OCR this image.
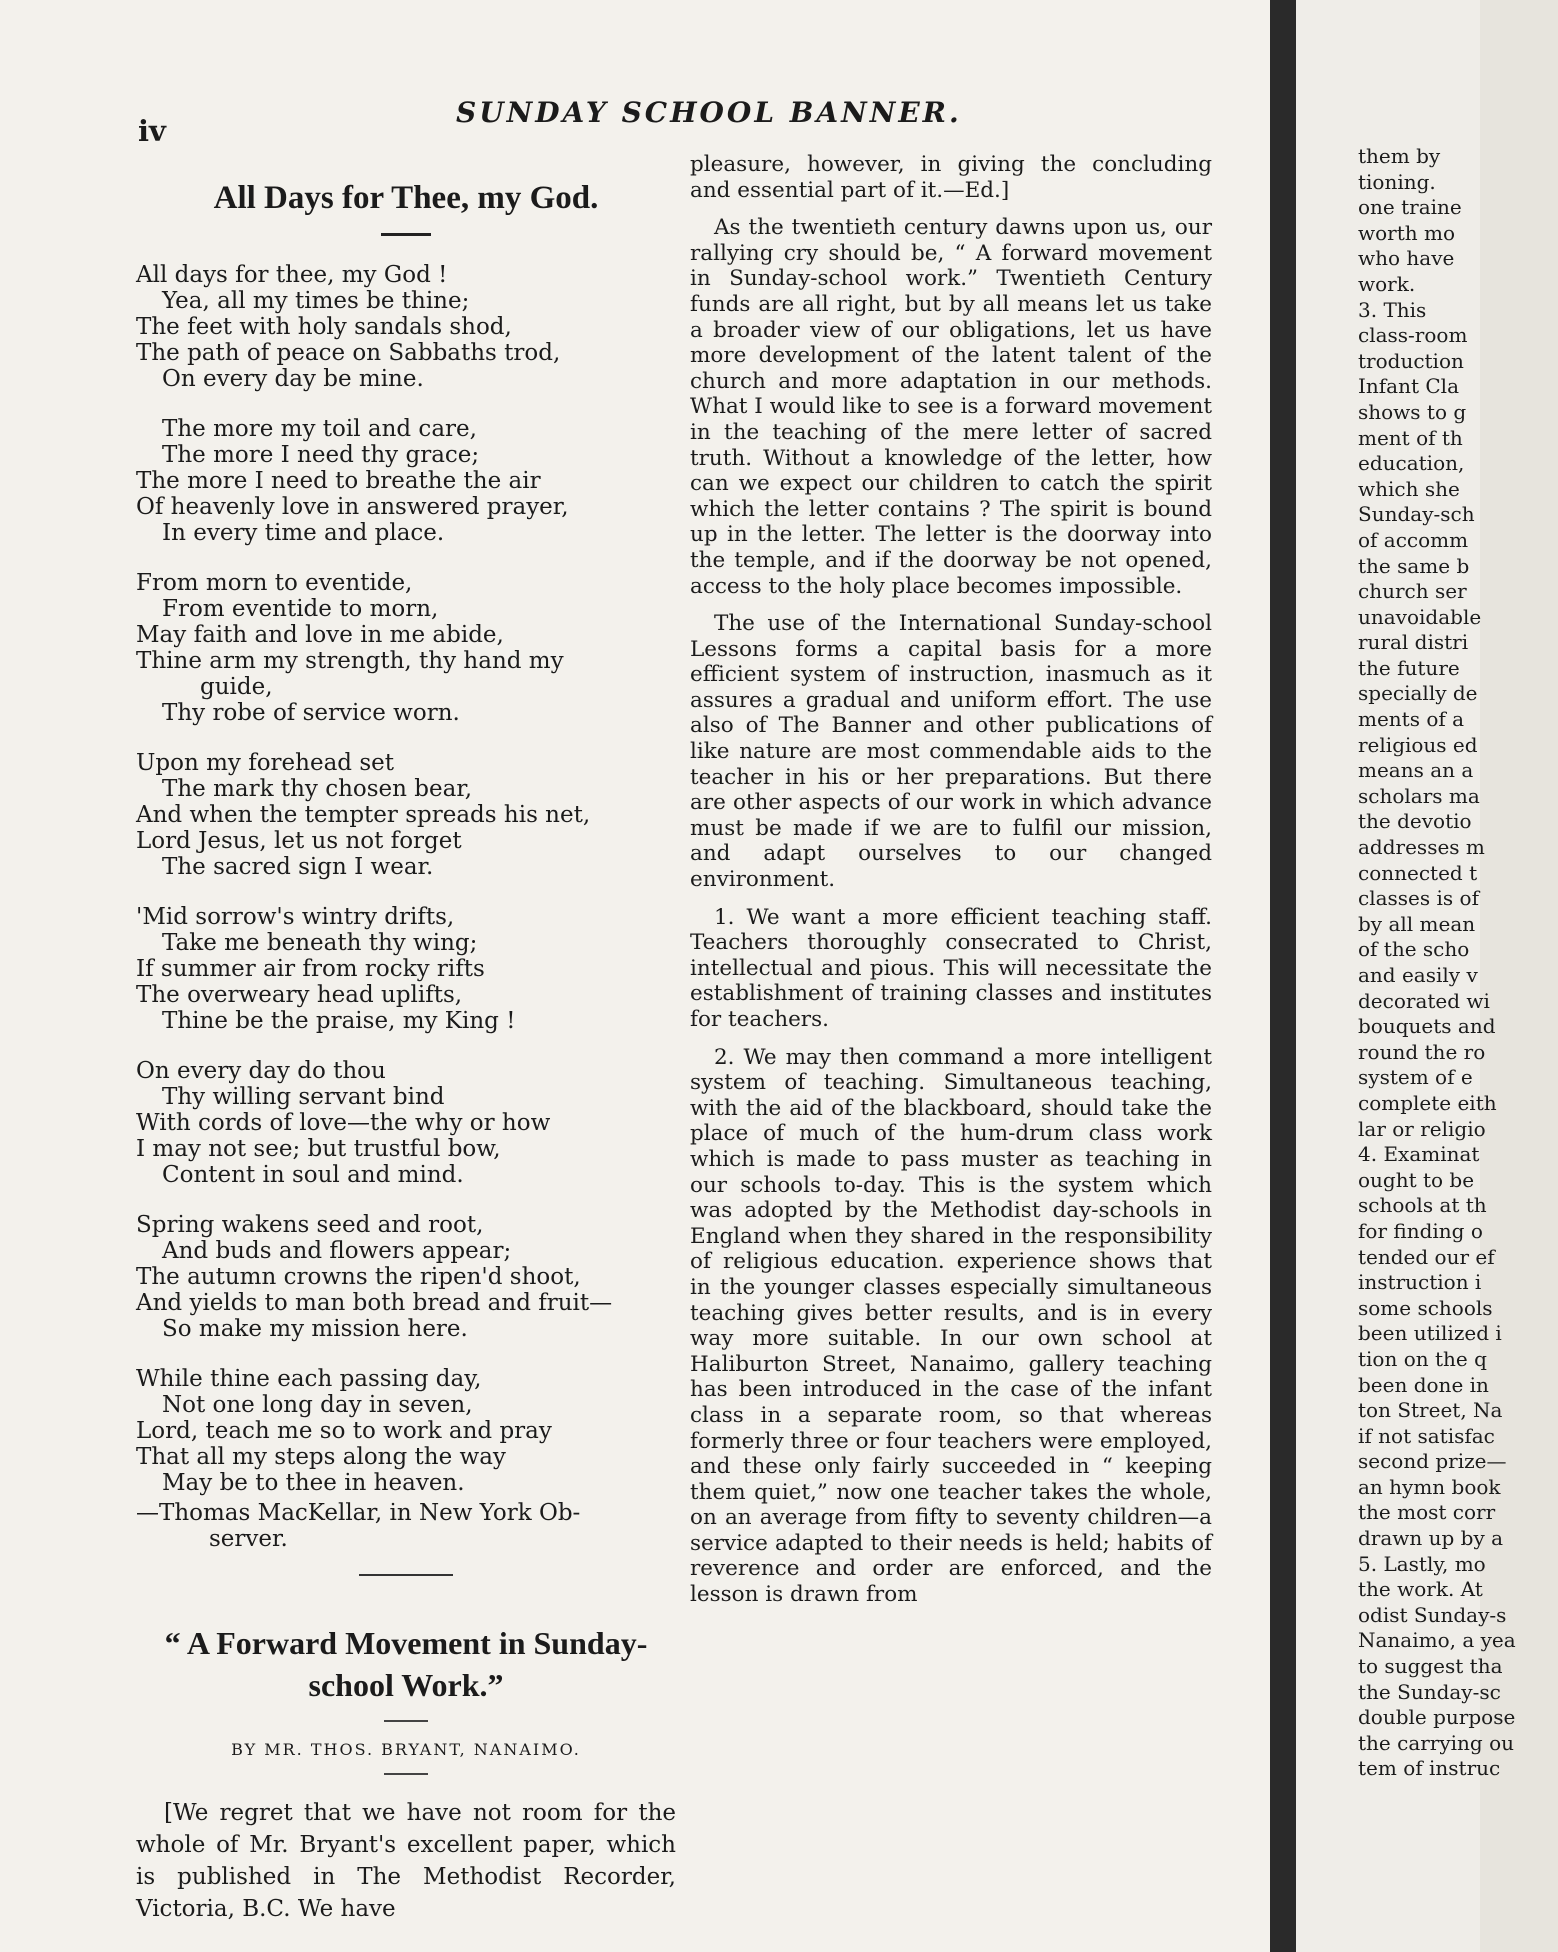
iv
SUNDAY SCHOOL BANNER.
All Days for Thee, my God.
All days for thee, my God !
Yea, all my times be thine;
The feet with holy sandals shod,
The path of peace on Sabbaths trod,
On every day be mine.
The more my toil and care,
The more I need thy grace;
The more I need to breathe the air
Of heavenly love in answered prayer,
In every time and place.
From morn to eventide,
From eventide to morn,
May faith and love in me abide,
Thine arm my strength, thy hand my
guide,
Thy robe of service worn.
Upon my forehead set
The mark thy chosen bear,
And when the tempter spreads his net,
Lord Jesus, let us not forget
The sacred sign I wear.
'Mid sorrow's wintry drifts,
Take me beneath thy wing;
If summer air from rocky rifts
The overweary head uplifts,
Thine be the praise, my King !
On every day do thou
Thy willing servant bind
With cords of love—the why or how
I may not see; but trustful bow,
Content in soul and mind.
Spring wakens seed and root,
And buds and flowers appear;
The autumn crowns the ripen'd shoot,
And yields to man both bread and fruit—
So make my mission here.
While thine each passing day,
Not one long day in seven,
Lord, teach me so to work and pray
That all my steps along the way
May be to thee in heaven.
—Thomas MacKellar, in New York Ob-
server.
“ A Forward Movement in Sunday-
school Work.”
BY MR. THOS. BRYANT, NANAIMO.

[We regret that we have not room for the whole of Mr. Bryant's excellent paper, which is published in The Methodist Recorder, Victoria, B.C. We have

pleasure, however, in giving the concluding and essential part of it.—Ed.]

As the twentieth century dawns upon us, our rallying cry should be, “ A forward movement in Sunday-school work.” Twentieth Century funds are all right, but by all means let us take a broader view of our obligations, let us have more development of the latent talent of the church and more adaptation in our methods. What I would like to see is a forward movement in the teaching of the mere letter of sacred truth. Without a knowledge of the letter, how can we expect our children to catch the spirit which the letter contains ? The spirit is bound up in the letter. The letter is the doorway into the temple, and if the doorway be not opened, access to the holy place becomes impossible.

The use of the International Sunday-school Lessons forms a capital basis for a more efficient system of instruction, inasmuch as it assures a gradual and uniform effort. The use also of The Banner and other publications of like nature are most commendable aids to the teacher in his or her preparations. But there are other aspects of our work in which advance must be made if we are to fulfil our mission, and adapt ourselves to our changed environment.

1. We want a more efficient teaching staff. Teachers thoroughly consecrated to Christ, intellectual and pious. This will necessitate the establishment of training classes and institutes for teachers.

2. We may then command a more intelligent system of teaching. Simultaneous teaching, with the aid of the blackboard, should take the place of much of the hum-drum class work which is made to pass muster as teaching in our schools to-day. This is the system which was adopted by the Methodist day-schools in England when they shared in the responsibility of religious education. experience shows that in the younger classes especially simultaneous teaching gives better results, and is in every way more suitable. In our own school at Haliburton Street, Nanaimo, gallery teaching has been introduced in the case of the infant class in a separate room, so that whereas formerly three or four teachers were employed, and these only fairly succeeded in “ keeping them quiet,” now one teacher takes the whole, on an average from fifty to seventy children—a service adapted to their needs is held; habits of reverence and order are enforced, and the lesson is drawn from

them by
tioning.
one traine
worth mo
who have
work.
3. This
class-room
troduction
Infant Cla
shows to g
ment of th
education,
which she
Sunday-sch
of accomm
the same b
church ser
unavoidable
rural distri
the future
specially de
ments of a
religious ed
means an a
scholars ma
the devotio
addresses m
connected t
classes is of
by all mean
of the scho
and easily v
decorated wi
bouquets and
round the ro
system of e
complete eith
lar or religio
4. Examinat
ought to be
schools at th
for finding o
tended our ef
instruction i
some schools
been utilized i
tion on the q
been done in
ton Street, Na
if not satisfac
second prize—
an hymn book
the most corr
drawn up by a
5. Lastly, mo
the work. At
odist Sunday-s
Nanaimo, a yea
to suggest tha
the Sunday-sc
double purpose
the carrying ou
tem of instruc
